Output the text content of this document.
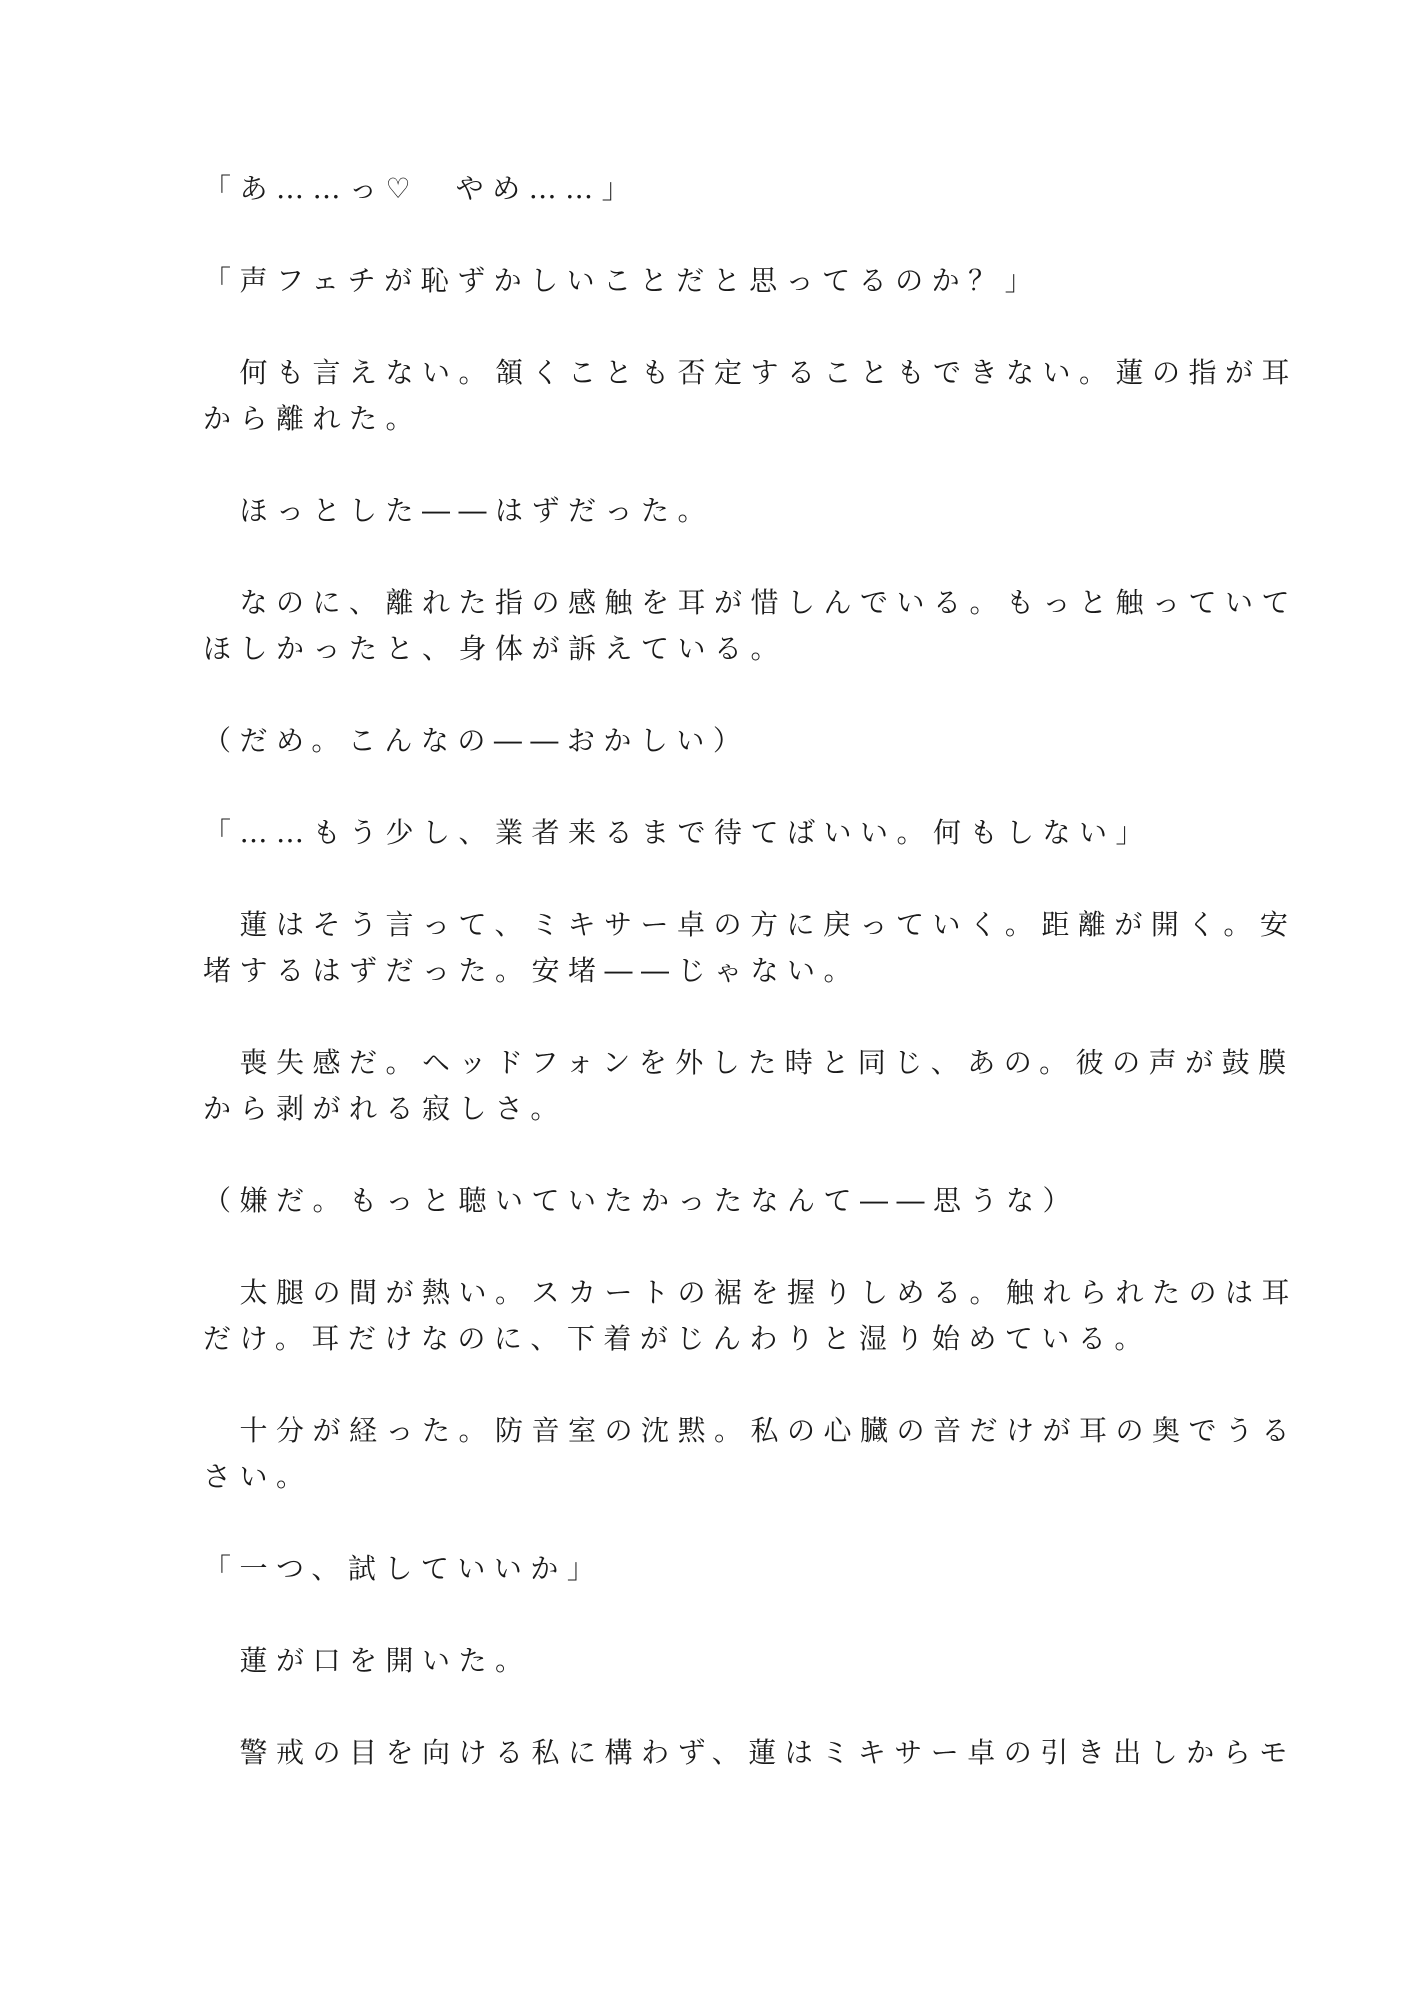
「あ……っ♡　やめ……」

「声フェチが恥ずかしいことだと思ってるのか？」

　何も言えない。頷くことも否定することもできない。蓮の指が耳
から離れた。

　ほっとした――はずだった。

　なのに、離れた指の感触を耳が惜しんでいる。もっと触っていて
ほしかったと、身体が訴えている。

（だめ。こんなの――おかしい）

「……もう少し、業者来るまで待てばいい。何もしない」

　蓮はそう言って、ミキサー卓の方に戻っていく。距離が開く。安
堵するはずだった。安堵――じゃない。

　喪失感だ。ヘッドフォンを外した時と同じ、あの。彼の声が鼓膜
から剥がれる寂しさ。

（嫌だ。もっと聴いていたかったなんて――思うな）

　太腿の間が熱い。スカートの裾を握りしめる。触れられたのは耳
だけ。耳だけなのに、下着がじんわりと湿り始めている。

　十分が経った。防音室の沈黙。私の心臓の音だけが耳の奥でうる
さい。

「一つ、試していいか」

　蓮が口を開いた。

　警戒の目を向ける私に構わず、蓮はミキサー卓の引き出しからモ
